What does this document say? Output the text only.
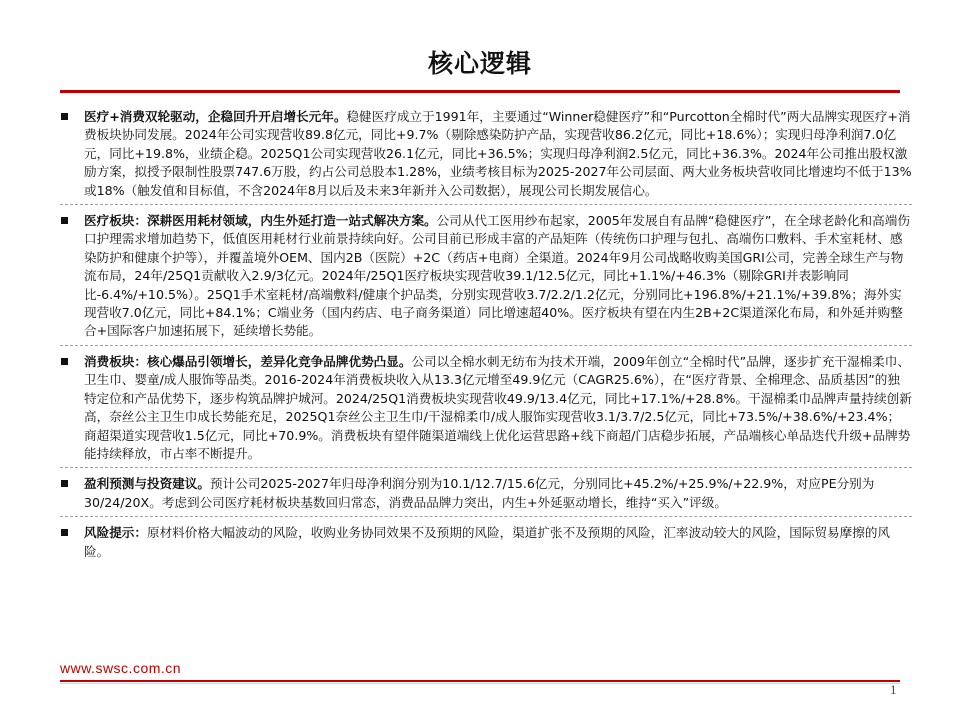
核心逻辑
医疗+消费双轮驱动，企稳回升开启增长元年。稳健医疗成立于1991年，主要通过“Winner稳健医疗”和“Purcotton全棉时代”两大品牌实现医疗+消费板块协同发展。2024年公司实现营收89.8亿元，同比+9.7%（剔除感染防护产品，实现营收86.2亿元，同比+18.6%）；实现归母净利润7.0亿元，同比+19.8%，业绩企稳。2025Q1公司实现营收26.1亿元，同比+36.5%；实现归母净利润2.5亿元，同比+36.3%。2024年公司推出股权激励方案，拟授予限制性股票747.6万股，约占公司总股本1.28%，业绩考核目标为2025-2027年公司层面、两大业务板块营收同比增速均不低于13%或18%（触发值和目标值，不含2024年8月以后及未来3年新并入公司数据），展现公司长期发展信心。
医疗板块：深耕医用耗材领域，内生外延打造一站式解决方案。公司从代工医用纱布起家，2005年发展自有品牌“稳健医疗”，在全球老龄化和高端伤口护理需求增加趋势下，低值医用耗材行业前景持续向好。公司目前已形成丰富的产品矩阵（传统伤口护理与包扎、高端伤口敷料、手术室耗材、感染防护和健康个护等），并覆盖境外OEM、国内2B（医院）+2C（药店+电商）全渠道。2024年9月公司战略收购美国GRI公司，完善全球生产与物流布局，24年/25Q1贡献收入2.9/3亿元。2024年/25Q1医疗板块实现营收39.1/12.5亿元，同比+1.1%/+46.3%（剔除GRI并表影响同比-6.4%/+10.5%）。25Q1手术室耗材/高端敷料/健康个护品类，分别实现营收3.7/2.2/1.2亿元，分别同比+196.8%/+21.1%/+39.8%；海外实现营收7.0亿元，同比+84.1%；C端业务（国内药店、电子商务渠道）同比增速超40%。医疗板块有望在内生2B+2C渠道深化布局，和外延并购整合+国际客户加速拓展下，延续增长势能。
消费板块：核心爆品引领增长，差异化竞争品牌优势凸显。公司以全棉水刺无纺布为技术开端，2009年创立“全棉时代”品牌，逐步扩充干湿棉柔巾、卫生巾、婴童/成人服饰等品类。2016-2024年消费板块收入从13.3亿元增至49.9亿元（CAGR25.6%），在“医疗背景、全棉理念、品质基因”的独特定位和产品优势下，逐步构筑品牌护城河。2024/25Q1消费板块实现营收49.9/13.4亿元，同比+17.1%/+28.8%。干湿棉柔巾品牌声量持续创新高，奈丝公主卫生巾成长势能充足，2025Q1奈丝公主卫生巾/干湿棉柔巾/成人服饰实现营收3.1/3.7/2.5亿元，同比+73.5%/+38.6%/+23.4%；商超渠道实现营收1.5亿元，同比+70.9%。消费板块有望伴随渠道端线上优化运营思路+线下商超/门店稳步拓展，产品端核心单品迭代升级+品牌势能持续释放，市占率不断提升。
盈利预测与投资建议。预计公司2025-2027年归母净利润分别为10.1/12.7/15.6亿元，分别同比+45.2%/+25.9%/+22.9%，对应PE分别为30/24/20X。考虑到公司医疗耗材板块基数回归常态，消费品品牌力突出，内生+外延驱动增长，维持“买入”评级。
风险提示：原材料价格大幅波动的风险，收购业务协同效果不及预期的风险，渠道扩张不及预期的风险，汇率波动较大的风险，国际贸易摩擦的风险。
www.swsc.com.cn
1
